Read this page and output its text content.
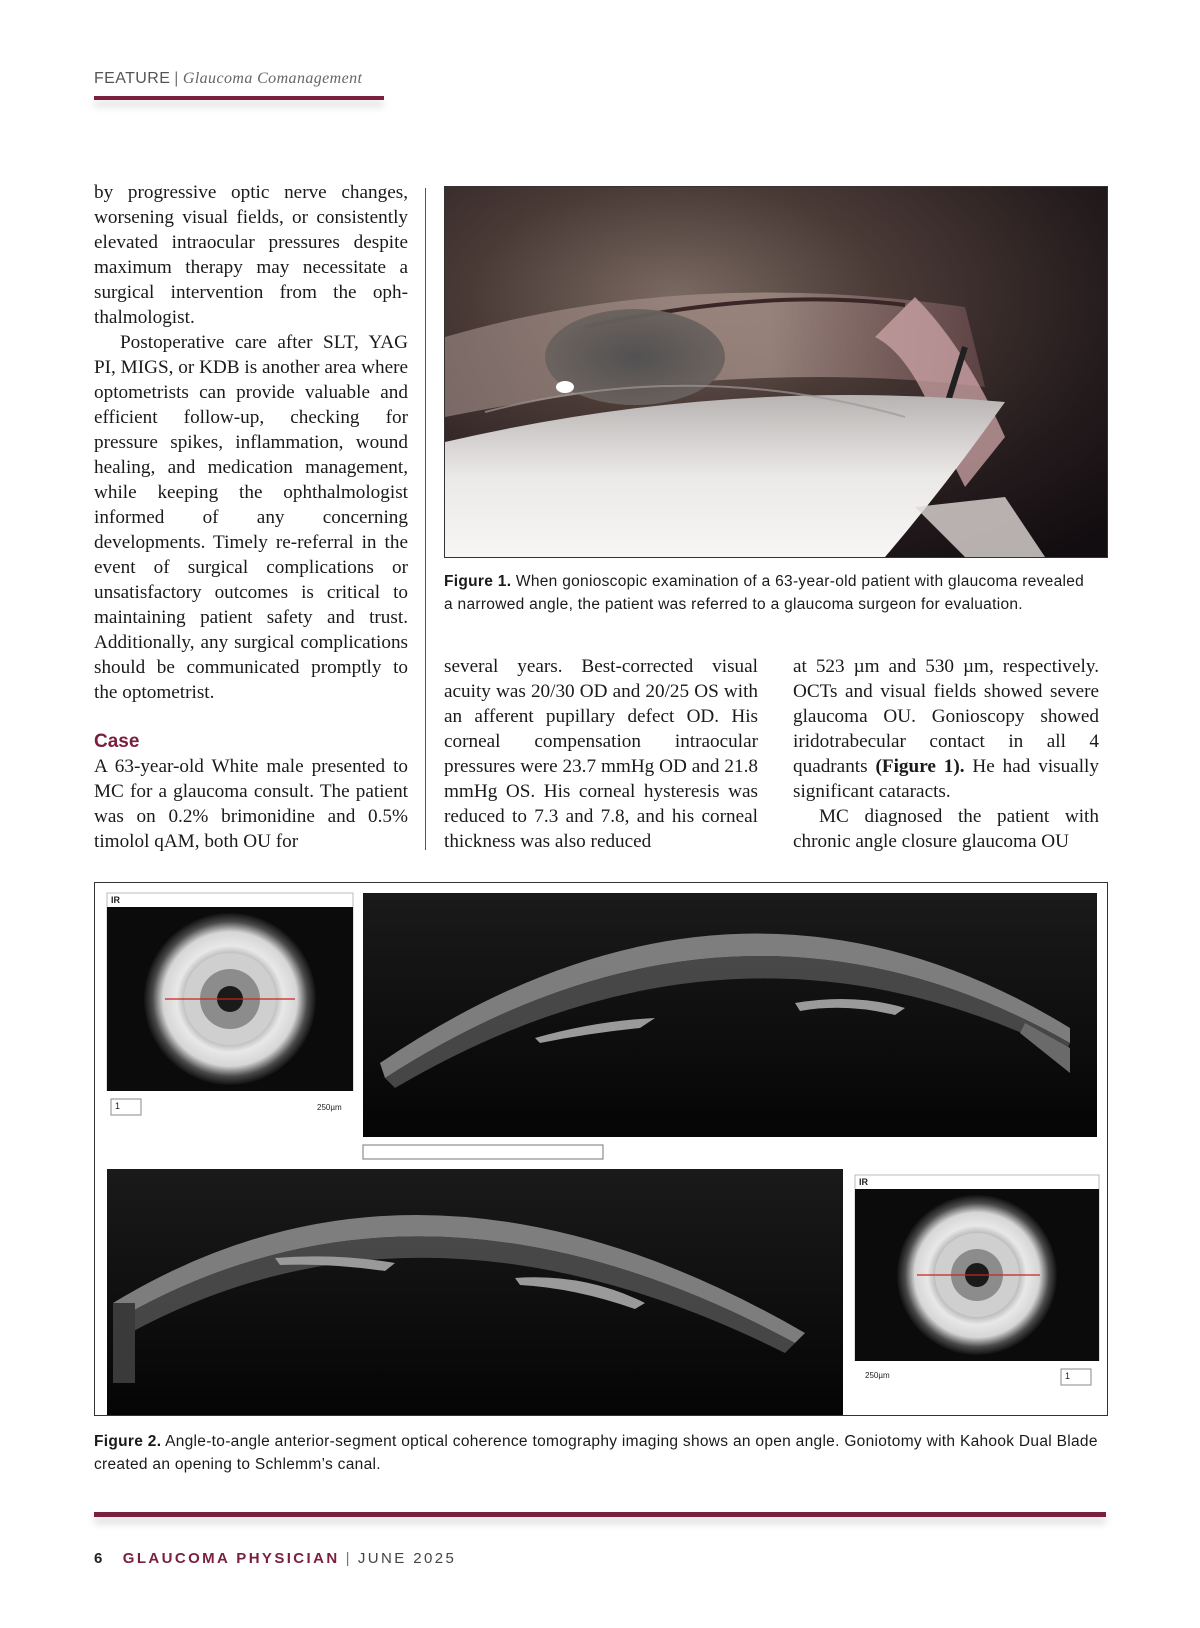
FEATURE | Glaucoma Comanagement

by progressive optic nerve changes, worsening visual fields, or consistently elevated intraocular pressures despite maximum therapy may necessitate a surgical intervention from the ophthalmologist.

Postoperative care after SLT, YAG PI, MIGS, or KDB is another area where optometrists can provide valuable and efficient follow-up, checking for pressure spikes, inflammation, wound healing, and medication management, while keeping the ophthalmologist informed of any concerning developments. Timely re-referral in the event of surgical complications or unsatisfactory outcomes is critical to maintaining patient safety and trust. Additionally, any surgical complications should be communicated promptly to the optometrist.

Case

A 63-year-old White male presented to MC for a glaucoma consult. The patient was on 0.2% brimonidine and 0.5% timolol qAM, both OU for

Figure 1. When gonioscopic examination of a 63-year-old patient with glaucoma revealed a narrowed angle, the patient was referred to a glaucoma surgeon for evaluation.

several years. Best-corrected visual acuity was 20/30 OD and 20/25 OS with an afferent pupillary defect OD. His corneal compensation intraocular pressures were 23.7 mmHg OD and 21.8 mmHg OS. His corneal hysteresis was reduced to 7.3 and 7.8, and his corneal thickness was also reduced

at 523 µm and 530 µm, respectively. OCTs and visual fields showed severe glaucoma OU. Gonioscopy showed iridotrabecular contact in all 4 quadrants (Figure 1). He had visually significant cataracts.

MC diagnosed the patient with chronic angle closure glaucoma OU

IR
250µm
1
IR
250µm	1
Figure 2. Angle-to-angle anterior-segment optical coherence tomography imaging shows an open angle. Goniotomy with Kahook Dual Blade created an opening to Schlemm’s canal.
6 GLAUCOMA PHYSICIAN | JUNE 2025
